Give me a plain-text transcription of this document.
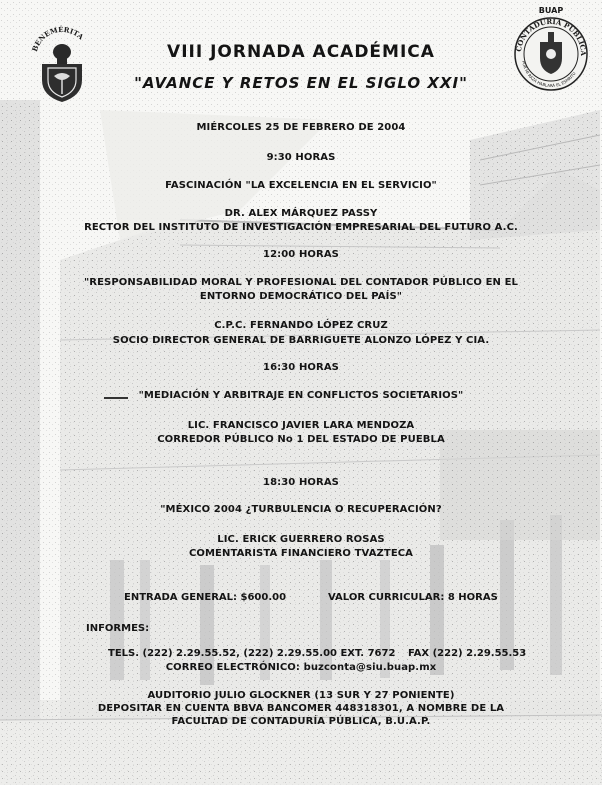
BENEMÉRITA
BUAP
CONTADURÍA PÚBLICA
POR MI RAZA HABLARÁ EL ESPÍRITU
VIII JORNADA ACADÉMICA
"AVANCE Y RETOS EN EL SIGLO XXI"
MIÉRCOLES 25 DE FEBRERO DE 2004
9:30 HORAS
FASCINACIÓN "LA EXCELENCIA EN EL SERVICIO"
DR. ALEX MÁRQUEZ PASSY
RECTOR DEL INSTITUTO DE INVESTIGACIÓN EMPRESARIAL DEL FUTURO A.C.
12:00 HORAS
"RESPONSABILIDAD MORAL Y PROFESIONAL DEL CONTADOR PÚBLICO EN EL
ENTORNO DEMOCRÁTICO DEL PAÍS"
C.P.C. FERNANDO LÓPEZ CRUZ
SOCIO DIRECTOR GENERAL DE BARRIGUETE ALONZO LÓPEZ Y CIA.
16:30 HORAS
"MEDIACIÓN Y ARBITRAJE EN CONFLICTOS SOCIETARIOS"
LIC. FRANCISCO JAVIER LARA MENDOZA
CORREDOR PÚBLICO No 1 DEL ESTADO DE PUEBLA
18:30 HORAS
"MÉXICO 2004 ¿TURBULENCIA O RECUPERACIÓN?
LIC. ERICK GUERRERO ROSAS
COMENTARISTA FINANCIERO TVAZTECA
ENTRADA GENERAL: $600.00	VALOR CURRICULAR: 8 HORAS
INFORMES:
TELS. (222) 2.29.55.52, (222) 2.29.55.00 EXT. 7672 FAX (222) 2.29.55.53
CORREO ELECTRÓNICO: buzconta@siu.buap.mx
AUDITORIO JULIO GLOCKNER (13 SUR Y 27 PONIENTE)
DEPOSITAR EN CUENTA BBVA BANCOMER 448318301, A NOMBRE DE LA
FACULTAD DE CONTADURÍA PÚBLICA, B.U.A.P.
